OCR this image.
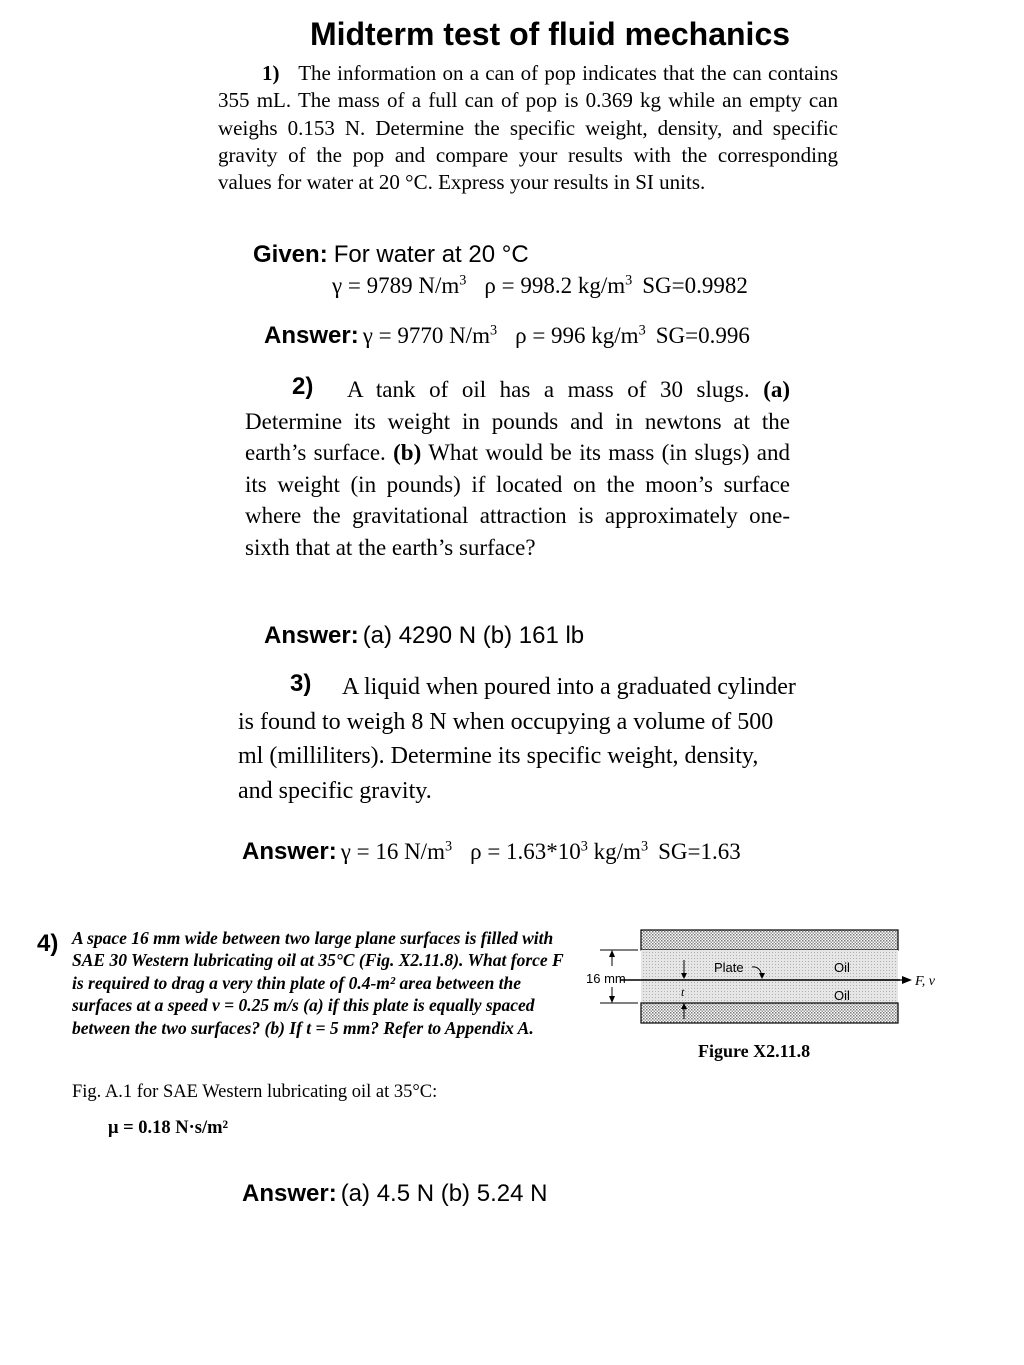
Midterm test of fluid mechanics
1) The information on a can of pop indicates that the can contains 355 mL. The mass of a full can of pop is 0.369 kg while an empty can weighs 0.153 N. Determine the specific weight, density, and specific gravity of the pop and compare your results with the corresponding values for water at 20 °C. Express your results in SI units.
Given: For water at 20 °C
γ = 9789 $N/m^3$ ρ = 998.2 $kg/m^3$ SG=0.9982
Answer: γ = 9770 $N/m^3$ ρ = 996 $kg/m^3$ SG=0.996
2)	A tank of oil has a mass of 30 slugs. (a) Determine its weight in pounds and in newtons at the earth’s surface. (b) What would be its mass (in slugs) and its weight (in pounds) if located on the moon’s surface where the gravitational attraction is approximately one-sixth that at the earth’s surface?
Answer: (a) 4290 N (b) 161 lb
3)	A liquid when poured into a graduated cylinder is found to weigh 8 N when occupying a volume of 500 ml (milliliters). Determine its specific weight, density, and specific gravity.
Answer: γ = 16 $N/m^3$ $\rho = 1.63*10^3$ $kg/m^3$ SG=1.63
4) A space 16 mm wide between two large plane surfaces is filled with SAE 30 Western lubricating oil at 35°C (Fig. X2.11.8). What force F is required to drag a very thin plate of 0.4-m² area between the surfaces at a speed v = 0.25 m/s (a) if this plate is equally spaced between the two surfaces? (b) If t = 5 mm? Refer to Appendix A.
Fig. A.1 for SAE Western lubricating oil at 35°C:
μ = 0.18 N·s/m²
Answer: (a) 4.5 N (b) 5.24 N
F, v
16 mm
t
Plate	Oil
Oil
Figure X2.11.8
